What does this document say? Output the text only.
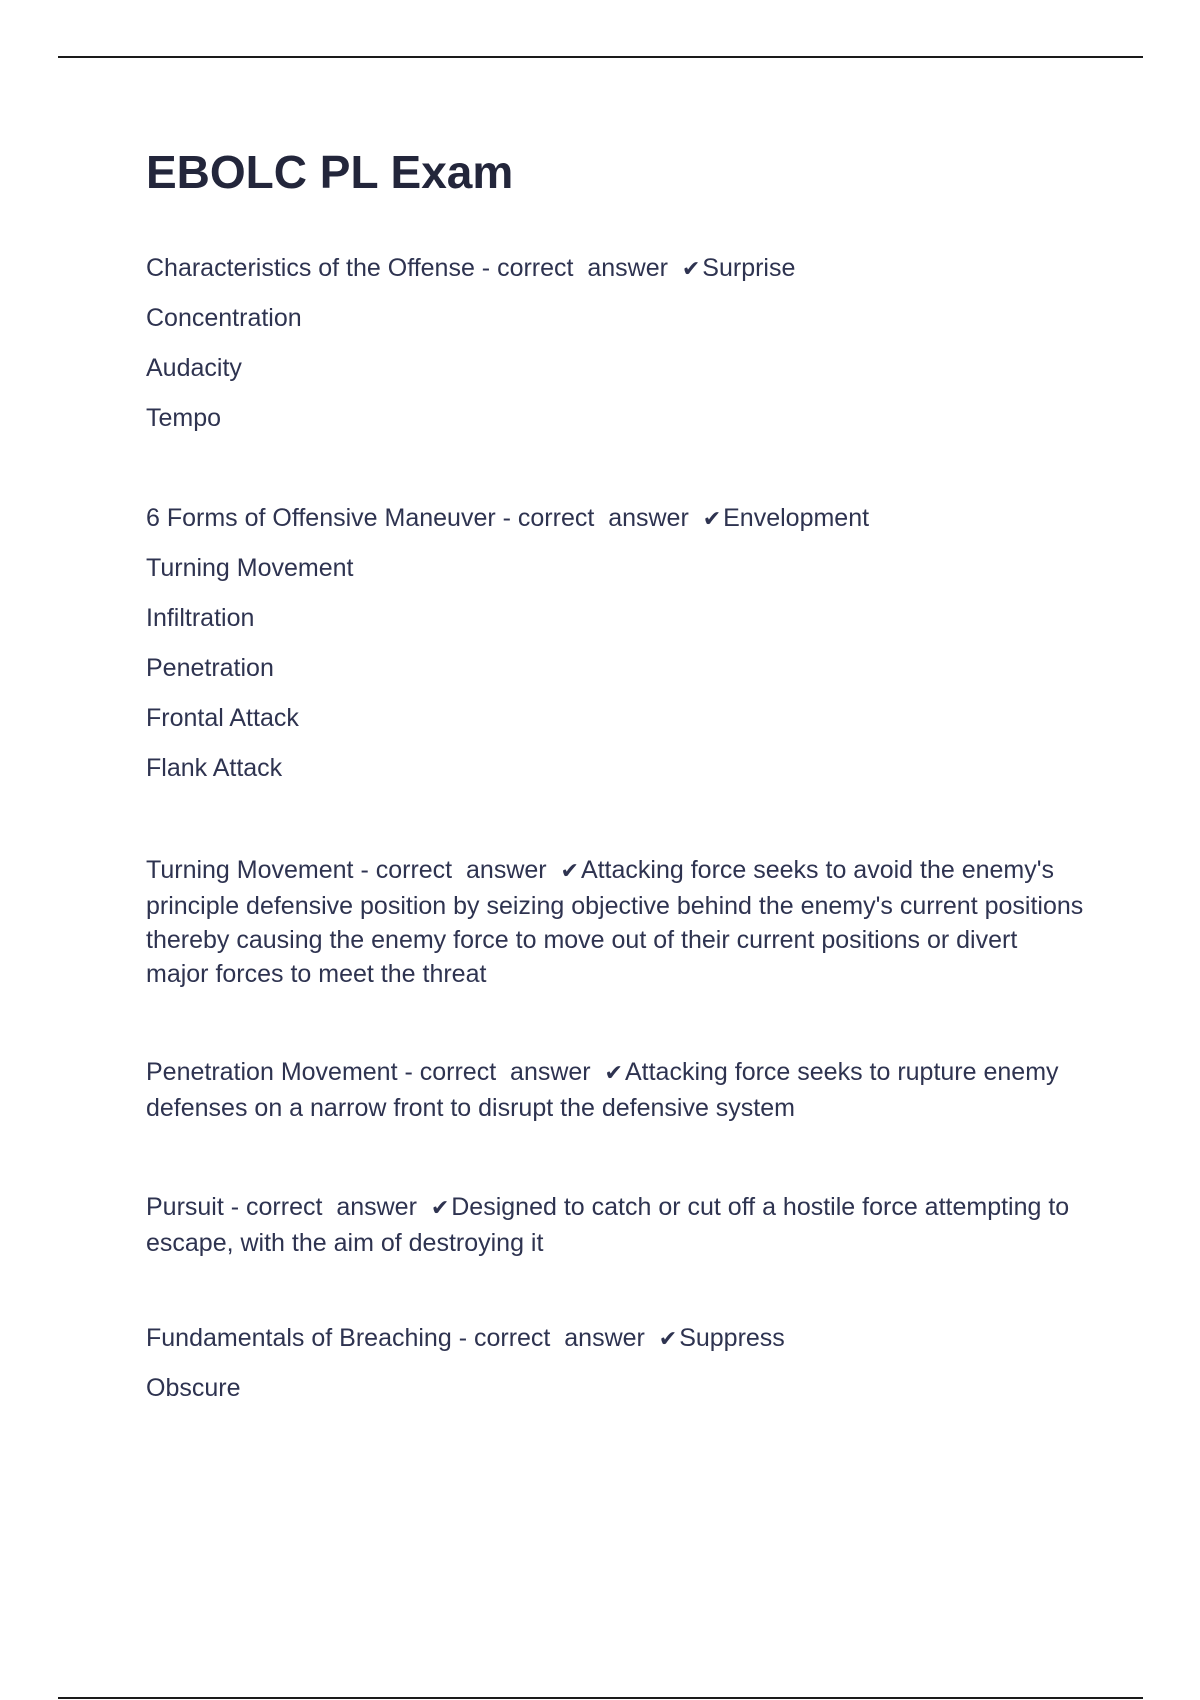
EBOLC PL Exam
Characteristics of the Offense - correct  answer  ✔Surprise
Concentration
Audacity
Tempo
6 Forms of Offensive Maneuver - correct  answer  ✔Envelopment
Turning Movement
Infiltration
Penetration
Frontal Attack
Flank Attack

Turning Movement - correct  answer  ✔Attacking force seeks to avoid the enemy's principle defensive position by seizing objective behind the enemy's current positions thereby causing the enemy force to move out of their current positions or divert major forces to meet the threat

Penetration Movement - correct  answer  ✔Attacking force seeks to rupture enemy defenses on a narrow front to disrupt the defensive system

Pursuit - correct  answer  ✔Designed to catch or cut off a hostile force attempting to escape, with the aim of destroying it

Fundamentals of Breaching - correct  answer  ✔Suppress
Obscure
